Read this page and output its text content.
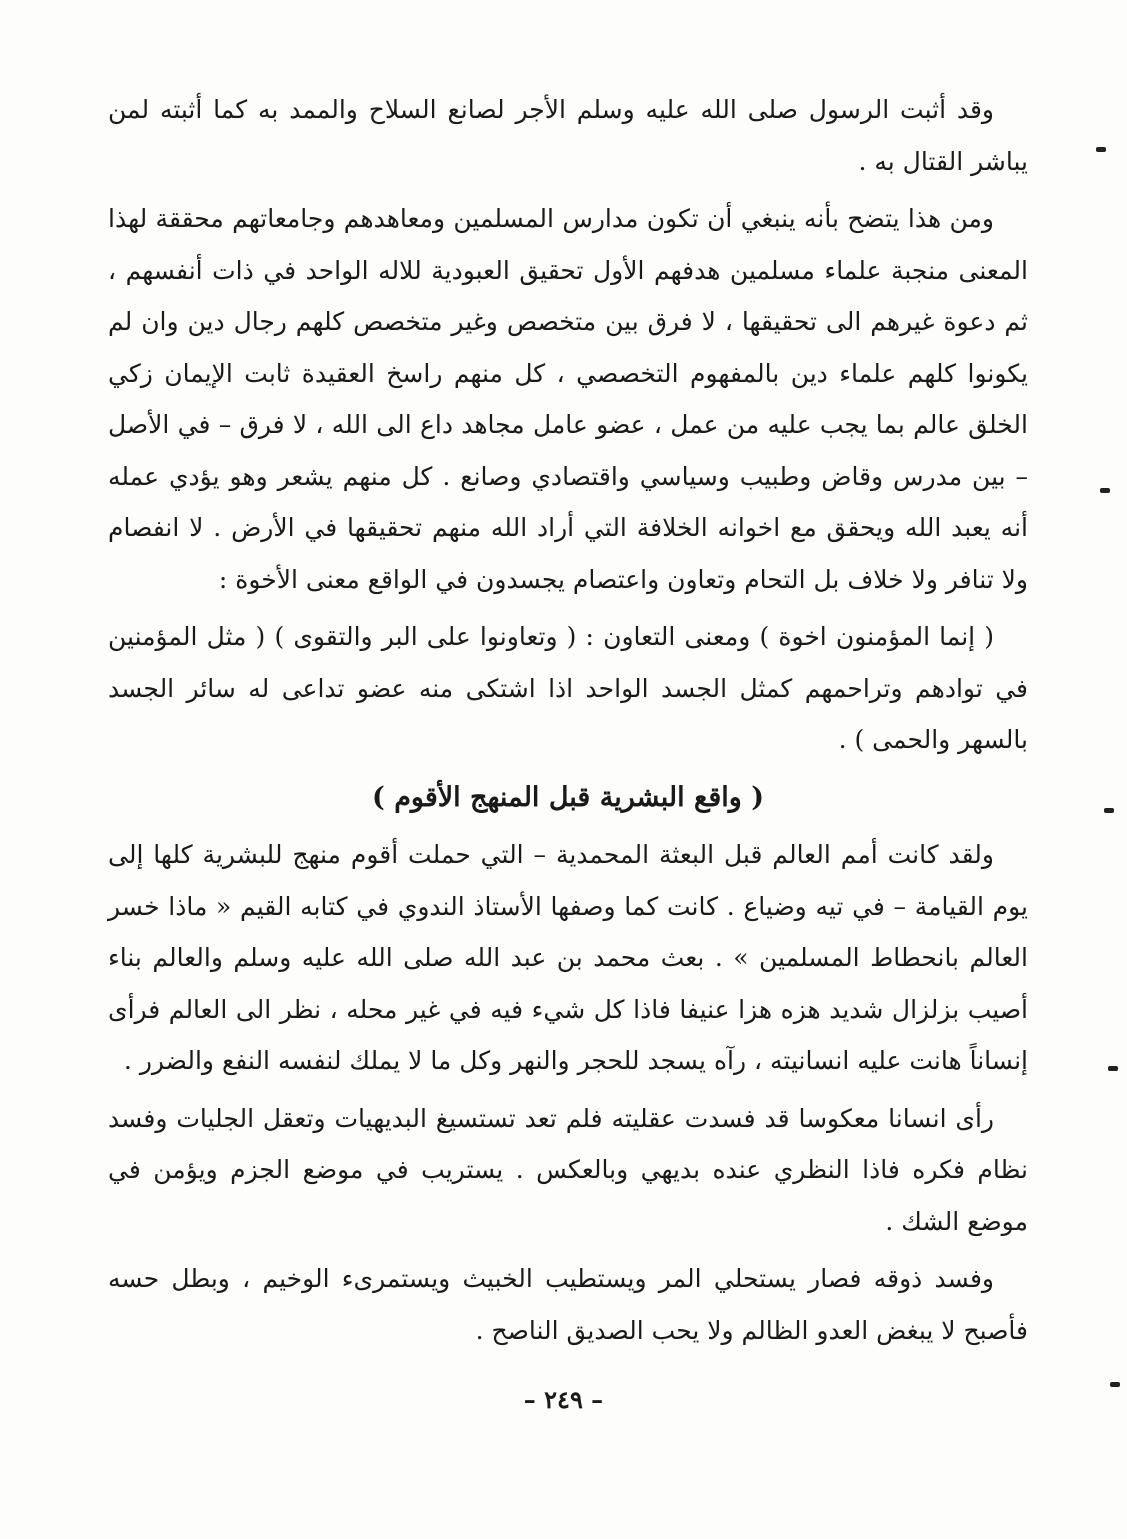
وقد أثبت الرسول صلى الله عليه وسلم الأجر لصانع السلاح والممد به كما أثبته لمن يباشر القتال به .

ومن هذا يتضح بأنه ينبغي أن تكون مدارس المسلمين ومعاهدهم وجامعاتهم محققة لهذا المعنى منجبة علماء مسلمين هدفهم الأول تحقيق العبودية للاله الواحد في ذات أنفسهم ، ثم دعوة غيرهم الى تحقيقها ، لا فرق بين متخصص وغير متخصص كلهم رجال دين وان لم يكونوا كلهم علماء دين بالمفهوم التخصصي ، كل منهم راسخ العقيدة ثابت الإيمان زكي الخلق عالم بما يجب عليه من عمل ، عضو عامل مجاهد داع الى الله ، لا فرق – في الأصل – بين مدرس وقاض وطبيب وسياسي واقتصادي وصانع . كل منهم يشعر وهو يؤدي عمله أنه يعبد الله ويحقق مع اخوانه الخلافة التي أراد الله منهم تحقيقها في الأرض . لا انفصام ولا تنافر ولا خلاف بل التحام وتعاون واعتصام يجسدون في الواقع معنى الأخوة :

( إنما المؤمنون اخوة ) ومعنى التعاون : ( وتعاونوا على البر والتقوى ) ( مثل المؤمنين في توادهم وتراحمهم كمثل الجسد الواحد اذا اشتكى منه عضو تداعى له سائر الجسد بالسهر والحمى ) .

( واقع البشرية قبل المنهج الأقوم )

ولقد كانت أمم العالم قبل البعثة المحمدية – التي حملت أقوم منهج للبشرية كلها إلى يوم القيامة – في تيه وضياع . كانت كما وصفها الأستاذ الندوي في كتابه القيم « ماذا خسر العالم بانحطاط المسلمين » . بعث محمد بن عبد الله صلى الله عليه وسلم والعالم بناء أصيب بزلزال شديد هزه هزا عنيفا فاذا كل شيء فيه في غير محله ، نظر الى العالم فرأى إنساناً هانت عليه انسانيته ، رآه يسجد للحجر والنهر وكل ما لا يملك لنفسه النفع والضرر .

رأى انسانا معكوسا قد فسدت عقليته فلم تعد تستسيغ البديهيات وتعقل الجليات وفسد نظام فكره فاذا النظري عنده بديهي وبالعكس . يستريب في موضع الجزم ويؤمن في موضع الشك .

وفسد ذوقه فصار يستحلي المر ويستطيب الخبيث ويستمرىء الوخيم ، وبطل حسه فأصبح لا يبغض العدو الظالم ولا يحب الصديق الناصح .

– ٢٤٩ –
